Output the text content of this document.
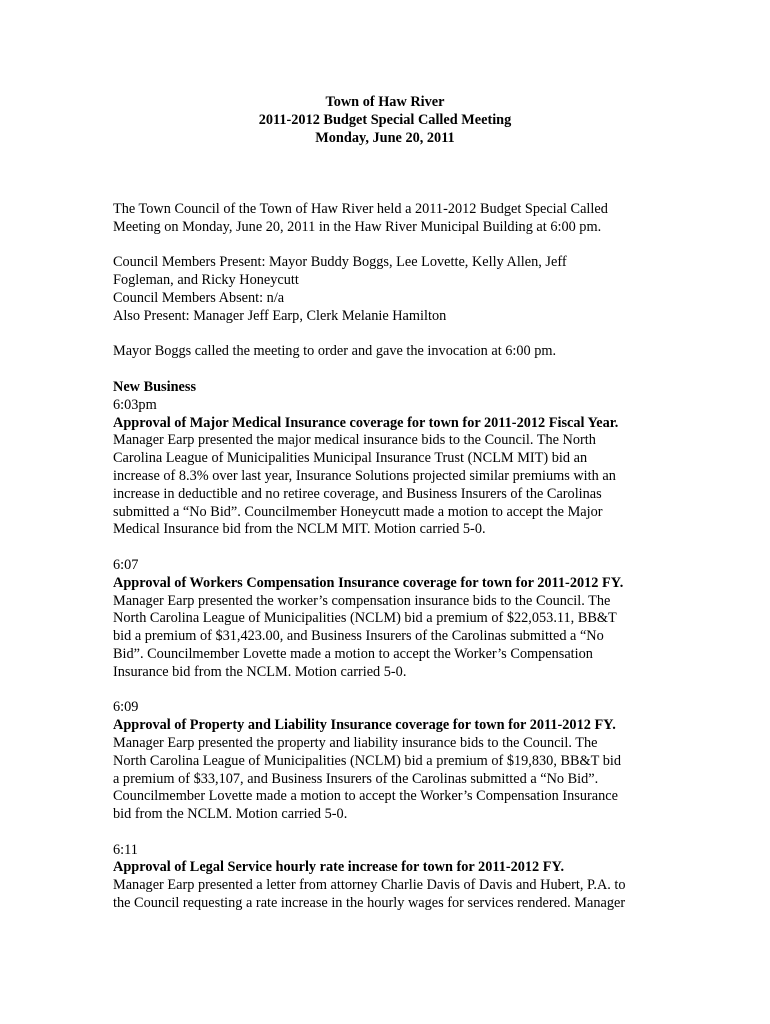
Town of Haw River
2011-2012 Budget Special Called Meeting
Monday, June 20, 2011

The Town Council of the Town of Haw River held a 2011-2012 Budget Special Called
Meeting on Monday, June 20, 2011 in the Haw River Municipal Building at 6:00 pm.

Council Members Present: Mayor Buddy Boggs, Lee Lovette, Kelly Allen, Jeff
Fogleman, and Ricky Honeycutt
Council Members Absent: n/a
Also Present: Manager Jeff Earp, Clerk Melanie Hamilton

Mayor Boggs called the meeting to order and gave the invocation at 6:00 pm.

New Business
6:03pm
Approval of Major Medical Insurance coverage for town for 2011-2012 Fiscal Year.
Manager Earp presented the major medical insurance bids to the Council. The North
Carolina League of Municipalities Municipal Insurance Trust (NCLM MIT) bid an
increase of 8.3% over last year, Insurance Solutions projected similar premiums with an
increase in deductible and no retiree coverage, and Business Insurers of the Carolinas
submitted a “No Bid”. Councilmember Honeycutt made a motion to accept the Major
Medical Insurance bid from the NCLM MIT. Motion carried 5-0.
6:07
Approval of Workers Compensation Insurance coverage for town for 2011-2012 FY.
Manager Earp presented the worker’s compensation insurance bids to the Council. The
North Carolina League of Municipalities (NCLM) bid a premium of $22,053.11, BB&T
bid a premium of $31,423.00, and Business Insurers of the Carolinas submitted a “No
Bid”. Councilmember Lovette made a motion to accept the Worker’s Compensation
Insurance bid from the NCLM. Motion carried 5-0.
6:09
Approval of Property and Liability Insurance coverage for town for 2011-2012 FY.
Manager Earp presented the property and liability insurance bids to the Council. The
North Carolina League of Municipalities (NCLM) bid a premium of $19,830, BB&T bid
a premium of $33,107, and Business Insurers of the Carolinas submitted a “No Bid”.
Councilmember Lovette made a motion to accept the Worker’s Compensation Insurance
bid from the NCLM. Motion carried 5-0.
6:11
Approval of Legal Service hourly rate increase for town for 2011-2012 FY.
Manager Earp presented a letter from attorney Charlie Davis of Davis and Hubert, P.A. to
the Council requesting a rate increase in the hourly wages for services rendered. Manager
